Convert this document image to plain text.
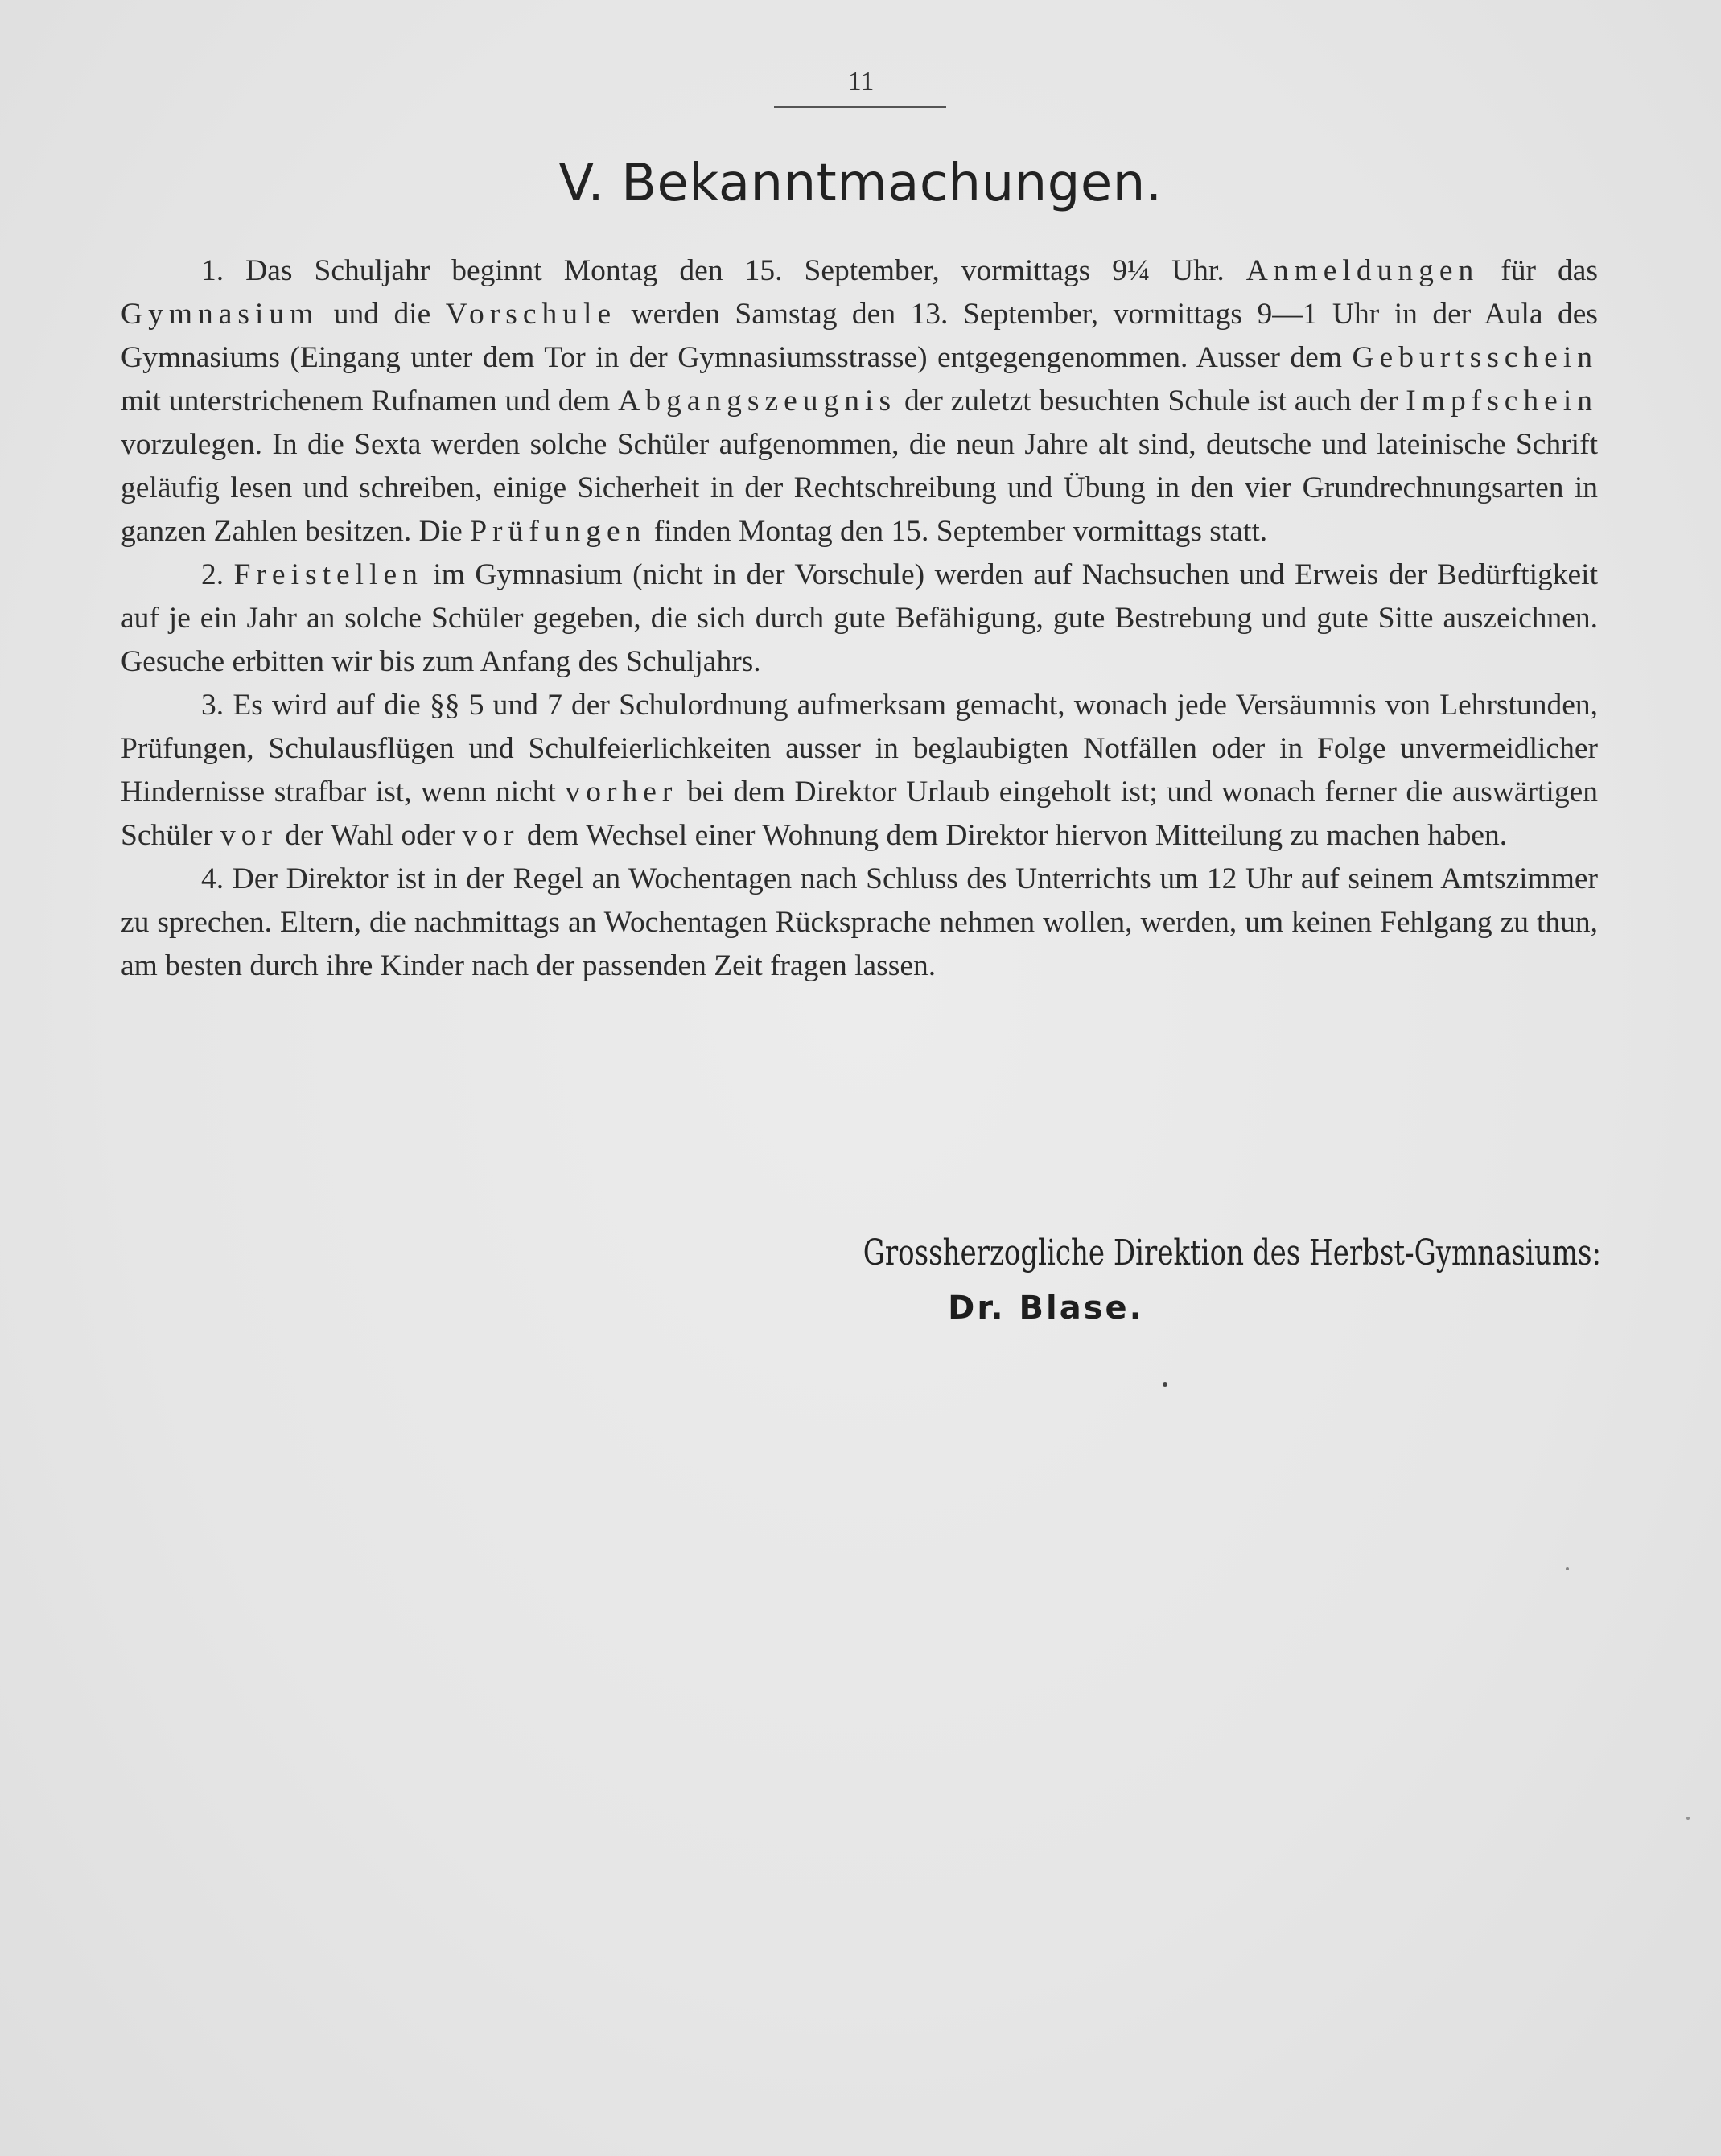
11
V. Bekanntmachungen.

1. Das Schuljahr beginnt Montag den 15. September, vormittags 9¼ Uhr. Anmeldungen für das Gymnasium und die Vorschule werden Samstag den 13. September, vormittags 9—1 Uhr in der Aula des Gymnasiums (Eingang unter dem Tor in der Gymnasiumsstrasse) entgegengenommen. Ausser dem Geburtsschein mit unterstrichenem Rufnamen und dem Abgangszeugnis der zuletzt besuchten Schule ist auch der Impfschein vorzulegen. In die Sexta werden solche Schüler aufgenommen, die neun Jahre alt sind, deutsche und lateinische Schrift geläufig lesen und schreiben, einige Sicherheit in der Rechtschreibung und Übung in den vier Grundrechnungsarten in ganzen Zahlen besitzen. Die Prüfungen finden Montag den 15. September vormittags statt.

2. Freistellen im Gymnasium (nicht in der Vorschule) werden auf Nachsuchen und Erweis der Bedürftigkeit auf je ein Jahr an solche Schüler gegeben, die sich durch gute Befähigung, gute Bestrebung und gute Sitte auszeichnen. Gesuche erbitten wir bis zum Anfang des Schuljahrs.

3. Es wird auf die §§ 5 und 7 der Schulordnung aufmerksam gemacht, wonach jede Versäumnis von Lehrstunden, Prüfungen, Schulausflügen und Schulfeierlichkeiten ausser in beglaubigten Notfällen oder in Folge unvermeidlicher Hindernisse strafbar ist, wenn nicht vorher bei dem Direktor Urlaub eingeholt ist; und wonach ferner die auswärtigen Schüler vor der Wahl oder vor dem Wechsel einer Wohnung dem Direktor hiervon Mitteilung zu machen haben.

4. Der Direktor ist in der Regel an Wochentagen nach Schluss des Unterrichts um 12 Uhr auf seinem Amtszimmer zu sprechen. Eltern, die nachmittags an Wochentagen Rücksprache nehmen wollen, werden, um keinen Fehlgang zu thun, am besten durch ihre Kinder nach der passenden Zeit fragen lassen.

Grossherzogliche Direktion des Herbst-Gymnasiums:
Dr. Blase.
